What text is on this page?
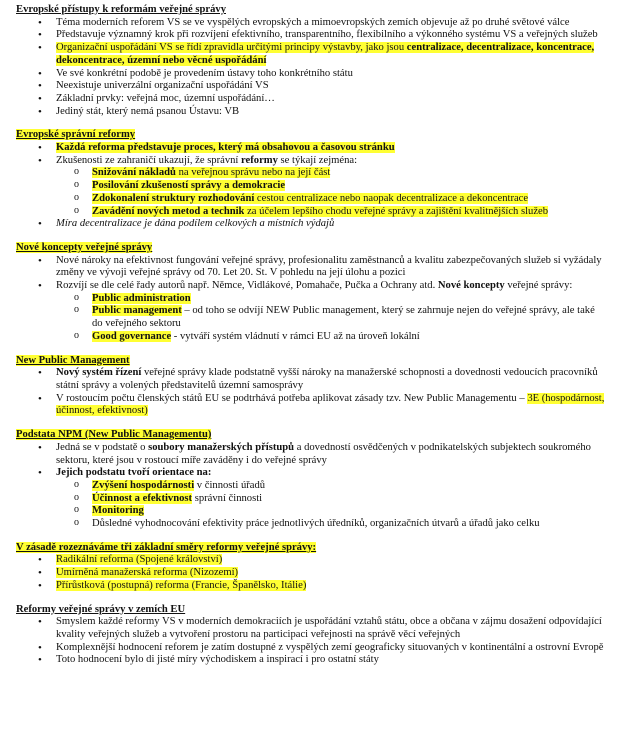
Evropské přístupy k reformám veřejné správy
• Téma moderních reforem VS se ve vyspělých evropských a mimoevropských zemích objevuje až po druhé světové válce
• Představuje významný krok při rozvíjení efektivního, transparentního, flexibilního a výkonného systému VS a veřejných služeb
• Organizační uspořádání VS se řídí zpravidla určitými principy výstavby, jako jsou centralizace, decentralizace, koncentrace, dekoncentrace, územní nebo věcné uspořádání
• Ve své konkrétní podobě je provedením ústavy toho konkrétního státu
• Neexistuje univerzální organizační uspořádání VS
• Základní prvky: veřejná moc, územní uspořádání…
• Jediný stát, který nemá psanou Ústavu: VB
Evropské správní reformy
• Každá reforma představuje proces, který má obsahovou a časovou stránku
• Zkušenosti ze zahraničí ukazují, že správní reformy se týkají zejména:
o Snižování nákladů na veřejnou správu nebo na její část
o Posilování zkušeností správy a demokracie
o Zdokonalení struktury rozhodování cestou centralizace nebo naopak decentralizace a dekoncentrace
o Zavádění nových metod a technik za účelem lepšího chodu veřejné správy a zajištění kvalitnějších služeb
• Míra decentralizace je dána podílem celkových a místních výdajů
Nové koncepty veřejné správy
• Nové nároky na efektivnost fungování veřejné správy, profesionalitu zaměstnanců a kvalitu zabezpečovaných služeb si vyžádaly změny ve vývoji veřejné správy od 70. Let 20. St. V pohledu na její úlohu a pozici
• Rozvíjí se dle celé řady autorů např. Němce, Vidlákové, Pomahače, Pučka a Ochrany atd. Nové koncepty veřejné správy:
o Public administration
o Public management – od toho se odvíjí NEW Public management, který se zahrnuje nejen do veřejné správy, ale také do veřejného sektoru
o Good governance - vytváří systém vládnutí v rámci EU až na úroveň lokální
New Public Management
• Nový systém řízení veřejné správy klade podstatně vyšší nároky na manažerské schopnosti a dovednosti vedoucích pracovníků státní správy a volených představitelů územní samosprávy
• V rostoucím počtu členských států EU se podtrhává potřeba aplikovat zásady tzv. New Public Managementu – 3E (hospodárnost, účinnost, efektivnost)
Podstata NPM (New Public Managementu)
• Jedná se v podstatě o soubory manažerských přístupů a dovedností osvědčených v podnikatelských subjektech soukromého sektoru, které jsou v rostoucí míře zaváděny i do veřejné správy
• Jejich podstatu tvoří orientace na:
o Zvýšení hospodárnosti v činnosti úřadů
o Účinnost a efektivnost správní činnosti
o Monitoring
o Důsledné vyhodnocování efektivity práce jednotlivých úředníků, organizačních útvarů a úřadů jako celku
V zásadě rozeznáváme tři základní směry reformy veřejné správy:
• Radikální reforma (Spojené království)
• Umírněná manažerská reforma (Nizozemí)
• Přírůstková (postupná) reforma (Francie, Španělsko, Itálie)
Reformy veřejné správy v zemích EU
• Smyslem každé reformy VS v moderních demokraciích je uspořádání vztahů státu, obce a občana v zájmu dosažení odpovídající kvality veřejných služeb a vytvoření prostoru na participaci veřejnosti na správě věcí veřejných
• Komplexnější hodnocení reforem je zatím dostupné z vyspělých zemí geograficky situovaných v kontinentální a ostrovní Evropě
• Toto hodnocení bylo di jisté míry východiskem a inspirací i pro ostatní státy
